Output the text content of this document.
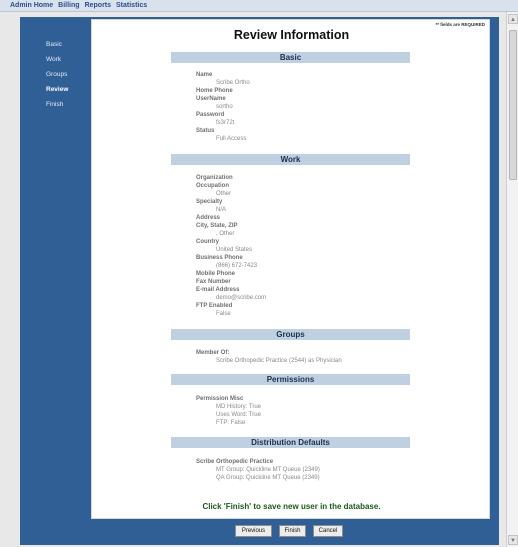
Admin Home Billing Reports Statistics
▲
▼
Basic
Work
Groups
Review
Finish
** fields are REQUIRED
Review Information
Basic
Name
Scribe Ortho
Home Phone
UserName
sortho
Password
fs3r72t
Status
Full Access
Work
Organization
Occupation
Other
Specialty
N/A
Address
City, State, ZIP
, Other
Country
United States
Business Phone
(866) 672-7423
Mobile Phone
Fax Number
E-mail Address
demo@scribe.com
FTP Enabled
False
Groups
Member Of:
Scribe Orthopedic Practice (2544) as Physician
Permissions
Permission Misc
MD History: True
Uses Word: True
FTP: False
Distribution Defaults
Scribe Orthopedic Practice
MT Group: Quickline MT Queue (2349)
QA Group: Quickline MT Queue (2349)
Click 'Finish' to save new user in the database.
Previous	Finish	Cancel
